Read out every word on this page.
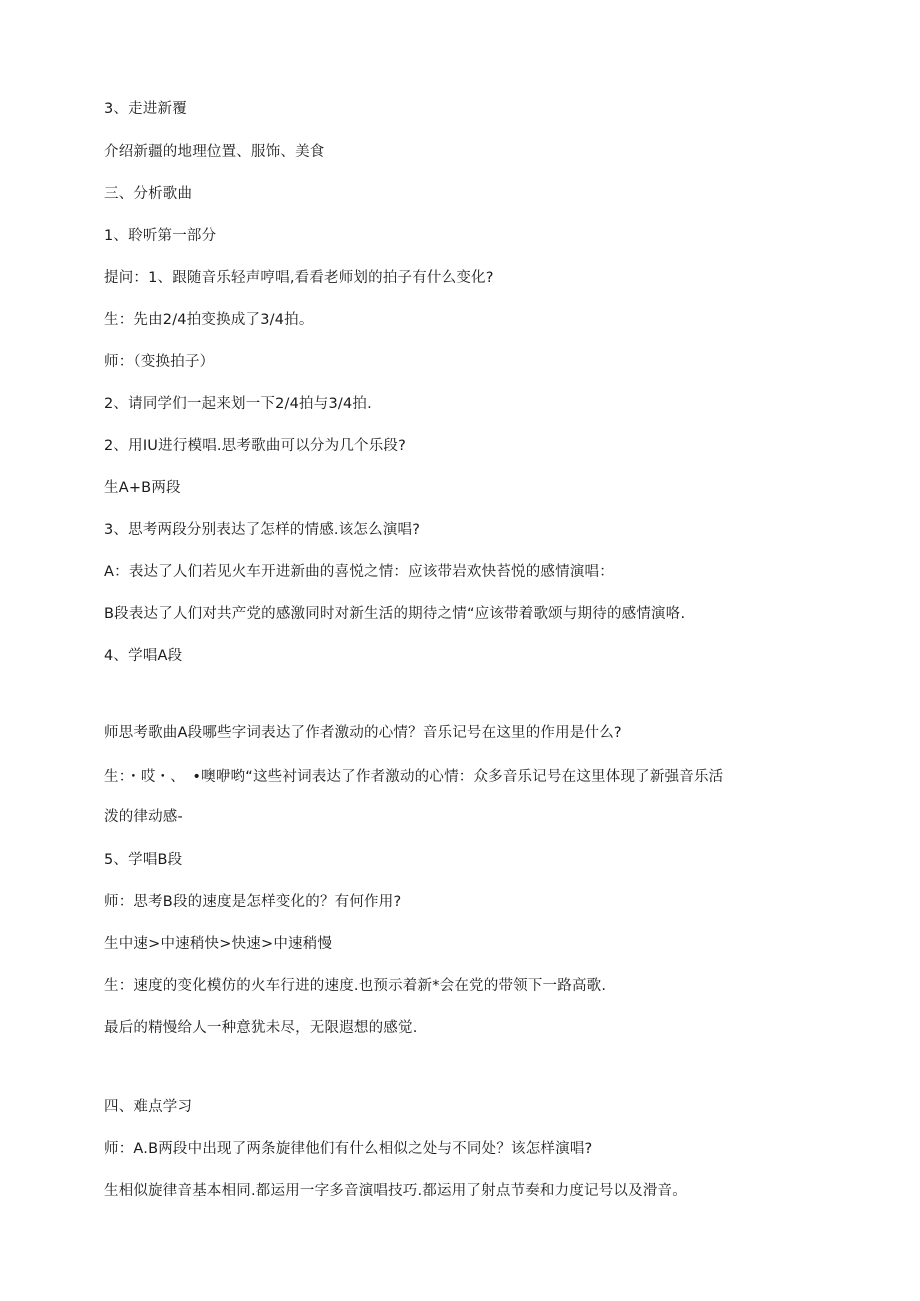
3、走进新覆
介绍新疆的地理位置、服饰、美食
三、分析歌曲
1、聆听第一部分
提问：1、跟随音乐轻声哼唱,看看老师划的拍子有什么变化?
生：先由2/4拍变换成了3/4拍。
师：（变换拍子）
2、请同学们一起来划一下2/4拍与3/4拍.
2、用IU进行模唱.思考歌曲可以分为几个乐段?
生A+B两段
3、思考两段分别表达了怎样的情感.该怎么演唱?
A：表达了人们若见火车开进新曲的喜悦之情：应该带岩欢快苔悦的感情演唱：
B段表达了人们对共产党的感激同时对新生活的期待之情“应该带着歌颂与期待的感情演咯.
4、学唱A段
师思考歌曲A段哪些字词表达了作者激动的心情？音乐记号在这里的作用是什么?
生：・哎・、　•噢咿哟“这些衬词表达了作者激动的心情：众多音乐记号在这里体现了新强音乐活
泼的律动感-
5、学唱B段
师：思考B段的速度是怎样变化的？有何作用?
生中速>中速稍快>快速>中速稍慢
生：速度的变化模仿的火车行进的速度.也预示着新*会在党的带领下一路高歌.
最后的精慢给人一种意犹未尽，无限遐想的感觉.
四、难点学习
师：A.B两段中出现了两条旋律他们有什么相似之处与不同处？该怎样演唱?
生相似旋律音基本相同.都运用一字多音演唱技巧.都运用了射点节奏和力度记号以及滑音。
